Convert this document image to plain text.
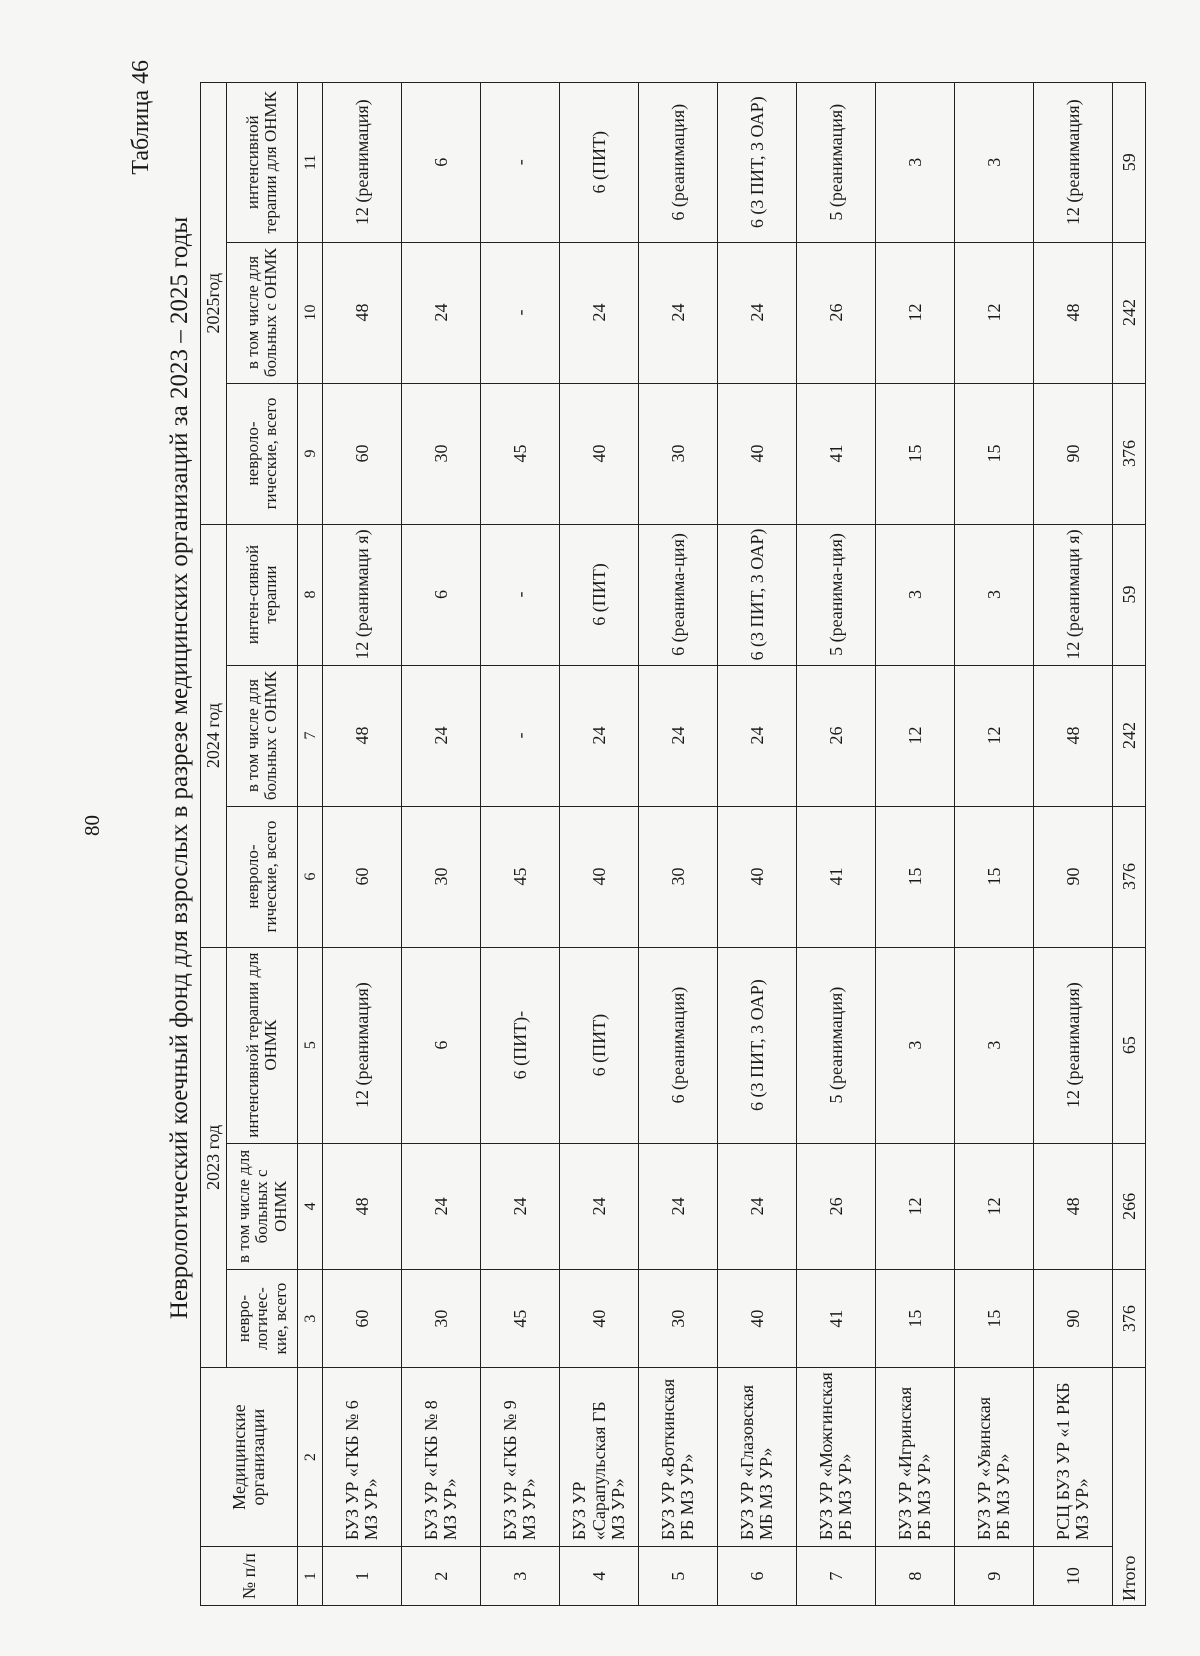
80
Таблица 46
Неврологический коечный фонд для взрослых в разрезе медицинских организаций за 2023 – 2025 годы
№ п/п	Медицинские организации	2023 год			2024 год			2025год		
		невро-логичес-кие, всего	в том числе для больных с ОНМК	интенсивной терапии для ОНМК	невроло-гические, всего	в том числе для больных с ОНМК	интен-сивной терапии	невроло-гические, всего	в том числе для больных с ОНМК	интенсивной терапии для ОНМК
1	2	3	4	5	6	7	8	9	10	11
1	БУЗ УР «ГКБ № 6 МЗ УР»	60	48	12 (реанимация)	60	48	12 (реанимаци я)	60	48	12 (реанимация)
2	БУЗ УР «ГКБ № 8 МЗ УР»	30	24	6	30	24	6	30	24	6
3	БУЗ УР «ГКБ № 9 МЗ УР»	45	24	6 (ПИТ)-	45	-	-	45	-	-
4	БУЗ УР «Сарапульская ГБ МЗ УР»	40	24	6 (ПИТ)	40	24	6 (ПИТ)	40	24	6 (ПИТ)
5	БУЗ УР «Воткинская РБ МЗ УР»	30	24	6 (реанимация)	30	24	6 (реанима-ция)	30	24	6 (реанимация)
6	БУЗ УР «Глазовская МБ МЗ УР»	40	24	6 (3 ПИТ, 3 ОАР)	40	24	6 (3 ПИТ, 3 ОАР)	40	24	6 (3 ПИТ, 3 ОАР)
7	БУЗ УР «Можгинская РБ МЗ УР»	41	26	5 (реанимация)	41	26	5 (реанима-ция)	41	26	5 (реанимация)
8	БУЗ УР «Игринская РБ МЗ УР»	15	12	3	15	12	3	15	12	3
9	БУЗ УР «Увинская РБ МЗ УР»	15	12	3	15	12	3	15	12	3
10	РСЦ БУЗ УР «1 РКБ МЗ УР»	90	48	12 (реанимация)	90	48	12 (реанимаци я)	90	48	12 (реанимация)
Итого		376	266	65	376	242	59	376	242	59
